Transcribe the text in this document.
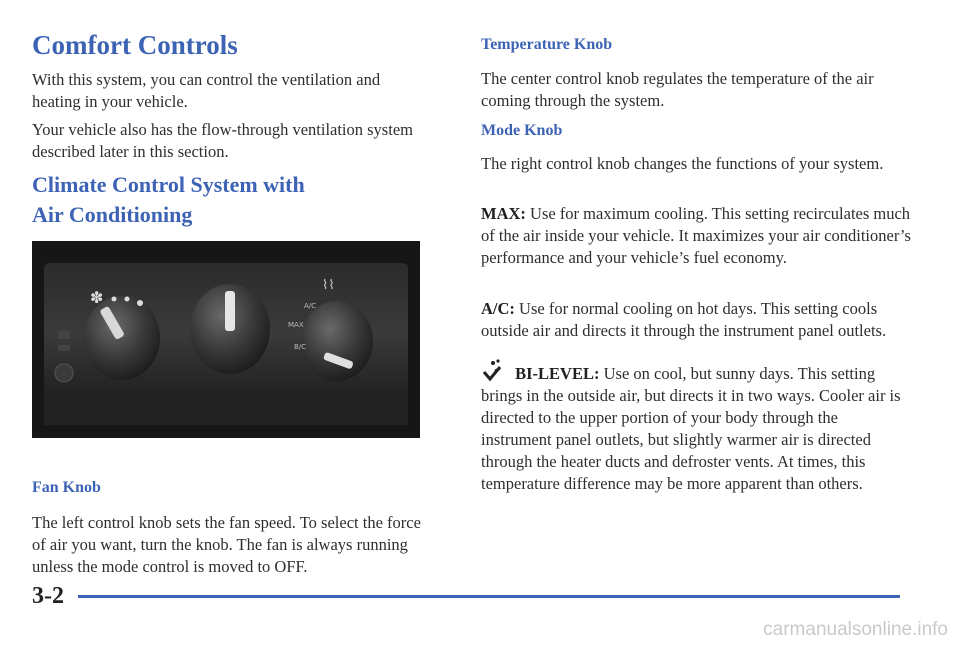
Comfort Controls

With this system, you can control the ventilation and heating in your vehicle.

Your vehicle also has the flow-through ventilation system described later in this section.

Climate Control System with
Air Conditioning
✽	A/C
MAX
B/C
⌇⌇
Fan Knob

The left control knob sets the fan speed. To select the force of air you want, turn the knob. The fan is always running unless the mode control is moved to OFF.

Temperature Knob

The center control knob regulates the temperature of the air coming through the system.

Mode Knob

The right control knob changes the functions of your system.

MAX: Use for maximum cooling. This setting recirculates much of the air inside your vehicle. It maximizes your air conditioner’s performance and your vehicle’s fuel economy.

A/C: Use for normal cooling on hot days. This setting cools outside air and directs it through the instrument panel outlets.

BI-LEVEL: Use on cool, but sunny days. This setting brings in the outside air, but directs it in two ways. Cooler air is directed to the upper portion of your body through the instrument panel outlets, but slightly warmer air is directed through the heater ducts and defroster vents. At times, this temperature difference may be more apparent than others.

3-2
carmanualsonline.info
